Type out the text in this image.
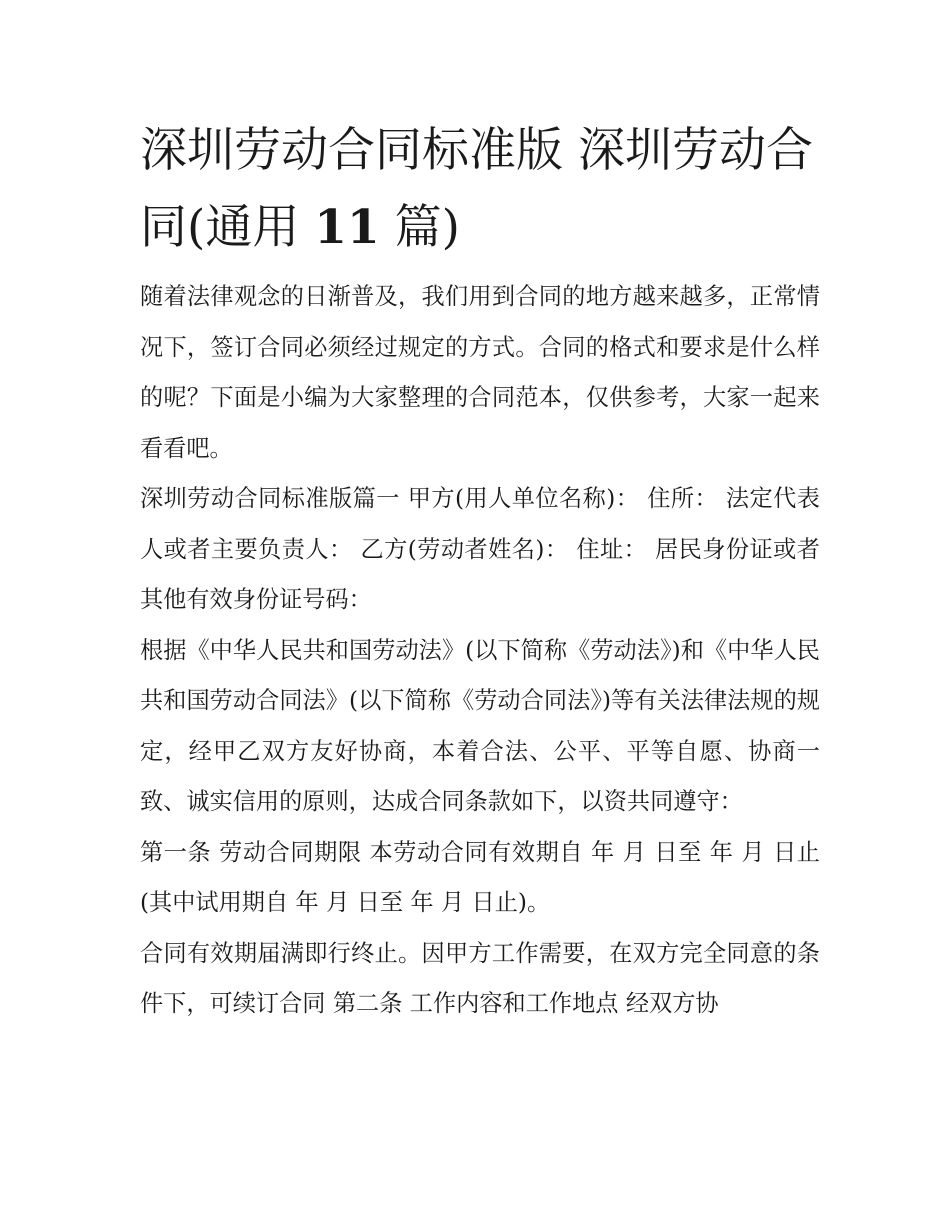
深圳劳动合同标准版 深圳劳动合同(通用 11 篇)

随着法律观念的日渐普及，我们用到合同的地方越来越多，正常情况下，签订合同必须经过规定的方式。合同的格式和要求是什么样的呢？下面是小编为大家整理的合同范本，仅供参考，大家一起来看看吧。

深圳劳动合同标准版篇一 甲方(用人单位名称)： 住所： 法定代表人或者主要负责人： 乙方(劳动者姓名)： 住址： 居民身份证或者其他有效身份证号码：

根据《中华人民共和国劳动法》(以下简称《劳动法》)和《中华人民共和国劳动合同法》(以下简称《劳动合同法》)等有关法律法规的规定，经甲乙双方友好协商，本着合法、公平、平等自愿、协商一致、诚实信用的原则，达成合同条款如下，以资共同遵守：

第一条 劳动合同期限 本劳动合同有效期自 年 月 日至 年 月 日止(其中试用期自 年 月 日至 年 月 日止)。

合同有效期届满即行终止。因甲方工作需要，在双方完全同意的条件下，可续订合同 第二条 工作内容和工作地点 经双方协
